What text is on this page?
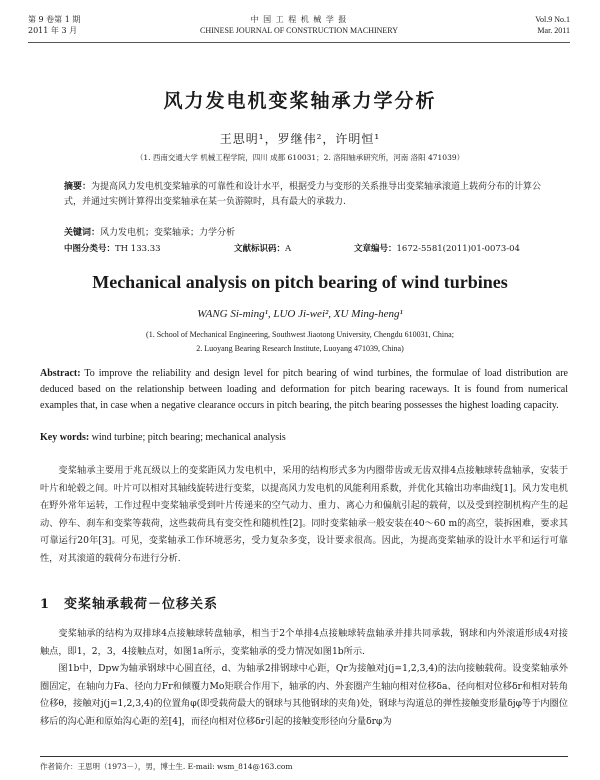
第 9 卷第 1 期
2011 年 3 月
中 国 工 程 机 械 学 报
CHINESE JOURNAL OF CONSTRUCTION MACHINERY
Vol.9 No.1
Mar. 2011
风力发电机变桨轴承力学分析
王思明¹，罗继伟²，许明恒¹
（1. 西南交通大学 机械工程学院，四川 成都 610031；2. 洛阳轴承研究所，河南 洛阳 471039）
摘要：为提高风力发电机变桨轴承的可靠性和设计水平，根据受力与变形的关系推导出变桨轴承滚道上载荷分布的计算公式，并通过实例计算得出变桨轴承在某一负游隙时，具有最大的承载力.
关键词：风力发电机；变桨轴承；力学分析
中图分类号：TH 133.33	文献标识码：A	文章编号：1672-5581(2011)01-0073-04
Mechanical analysis on pitch bearing of wind turbines
WANG Si-ming¹, LUO Ji-wei², XU Ming-heng¹
(1. School of Mechanical Engineering, Southwest Jiaotong University, Chengdu 610031, China;
2. Luoyang Bearing Research Institute, Luoyang 471039, China)
Abstract: To improve the reliability and design level for pitch bearing of wind turbines, the formulae of load distribution are deduced based on the relationship between loading and deformation for pitch bearing raceways. It is found from numerical examples that, in case when a negative clearance occurs in pitch bearing, the pitch bearing possesses the highest loading capacity.
Key words: wind turbine; pitch bearing; mechanical analysis
变桨轴承主要用于兆瓦级以上的变桨距风力发电机中，采用的结构形式多为内圈带齿或无齿双排4点接触球转盘轴承，安装于叶片和轮毂之间。叶片可以相对其轴线旋转进行变桨，以提高风力发电机的风能利用系数，并优化其输出功率曲线[1]。风力发电机在野外常年运转，工作过程中变桨轴承受到叶片传递来的空气动力、重力、离心力和偏航引起的载荷，以及受到控制机构产生的起动、停车、刹车和变桨等载荷，这些载荷具有变交性和随机性[2]。同时变桨轴承一般安装在40～60 m的高空，装拆困难，要求其可靠运行20年[3]。可见，变桨轴承工作环境恶劣，受力复杂多变，设计要求很高。因此，为提高变桨轴承的设计水平和运行可靠性，对其滚道的载荷分布进行分析.
1　变桨轴承载荷－位移关系
变桨轴承的结构为双排球4点接触球转盘轴承，相当于2个单排4点接触球转盘轴承并排共同承载，钢球和内外滚道形成4对接触点，即1，2，3，4接触点对，如图1a所示，变桨轴承的受力情况如图1b所示.
图1b中，Dpw为轴承钢球中心圆直径，d、为轴承2排钢球中心距，Qr为接触对j(j=1,2,3,4)的法向接触载荷。设变桨轴承外圈固定，在轴向力Fa、径向力Fr和倾覆力Mo矩联合作用下，轴承的内、外套圈产生轴向相对位移δa、径向相对位移δr和相对转角位移θ，接触对j(j=1,2,3,4)的位置角φ(即受载荷最大的钢球与其他钢球的夹角)处，钢球与沟道总的弹性接触变形量δjφ等于内圈位移后的沟心距和原始沟心距的差[4]，而径向相对位移δr引起的接触变形径向分量δrφ为
作者简介：王思明（1973－），男，博士生. E-mail: wsm_814@163.com
